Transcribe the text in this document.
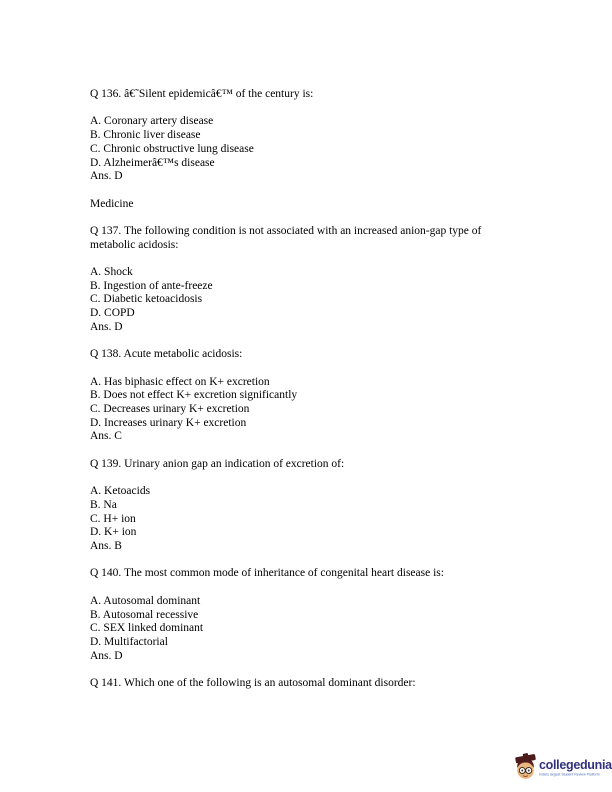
Q 136. â€˜Silent epidemicâ€™ of the century is:
A. Coronary artery disease
B. Chronic liver disease
C. Chronic obstructive lung disease
D. Alzheimerâ€™s disease
Ans. D
Medicine
Q 137. The following condition is not associated with an increased anion-gap type of
metabolic acidosis:
A. Shock
B. Ingestion of ante-freeze
C. Diabetic ketoacidosis
D. COPD
Ans. D
Q 138. Acute metabolic acidosis:
A. Has biphasic effect on K+ excretion
B. Does not effect K+ excretion significantly
C. Decreases urinary K+ excretion
D. Increases urinary K+ excretion
Ans. C
Q 139. Urinary anion gap an indication of excretion of:
A. Ketoacids
B. Na
C. H+ ion
D. K+ ion
Ans. B
Q 140. The most common mode of inheritance of congenital heart disease is:
A. Autosomal dominant
B. Autosomal recessive
C. SEX linked dominant
D. Multifactorial
Ans. D
Q 141. Which one of the following is an autosomal dominant disorder:
collegedunia
India's largest Student Review Platform
